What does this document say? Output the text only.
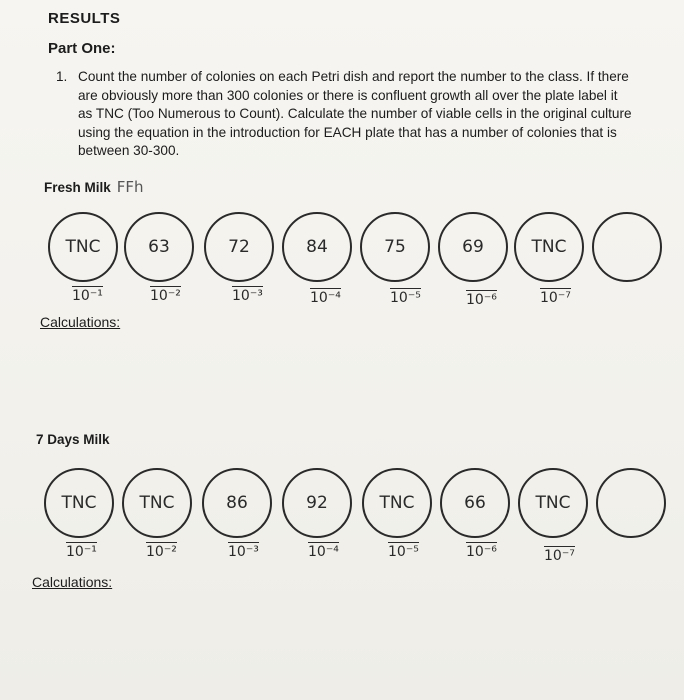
RESULTS
Part One:
1. Count the number of colonies on each Petri dish and report the number to the class. If there
are obviously more than 300 colonies or there is confluent growth all over the plate label it
as TNC (Too Numerous to Count). Calculate the number of viable cells in the original culture
using the equation in the introduction for EACH plate that has a number of colonies that is
between 30-300.
Fresh Milk FFh
TNC	63	72	84	75	69	TNC
10⁻¹	10⁻²	10⁻³	10⁻⁴	10⁻⁵	10⁻⁶	10⁻⁷
Calculations:
7 Days Milk
TNC	TNC	86	92	TNC	66	TNC
10⁻¹	10⁻²	10⁻³	10⁻⁴	10⁻⁵	10⁻⁶	10⁻⁷
Calculations:
